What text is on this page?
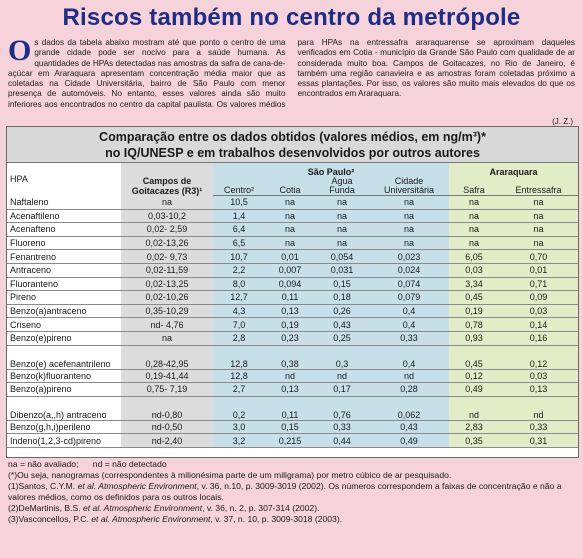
Riscos também no centro da metrópole
Os dados da tabela abaixo mostram até que ponto o centro de uma grande cidade pode ser nocivo para a saúde humana. As quantidades de HPAs detectadas nas amostras da safra de cana-de-açúcar em Araraquara apresentam concentração média maior que as coletadas na Cidade Universitária, bairro de São Paulo com menor presença de automóveis. No entanto, esses valores ainda são muito inferiores aos encontrados no centro da capital paulista. Os valores médios para HPAs na entressafra araraquarense se aproximam daqueles verificados em Cotia - município da Grande São Paulo com qualidade de ar considerada muito boa. Campos de Goitacazes, no Rio de Janeiro, é também uma região canavieira e as amostras foram coletadas próximo a essas plantações. Por isso, os valores são muito mais elevados do que os encontrados em Araraquara.
(J. Z.)
Comparação entre os dados obtidos (valores médios, em ng/m³)*
no IQ/UNESP e em trabalhos desenvolvidos por outros autores
HPA	Campos de Goitacazes (R3)¹	São Paulo²				Araraquara	
		Centro²	Cotia	Água Funda	Cidade Universitária	Safra	Entressafra
Naftaleno	na	10,5	na	na	na	na	na
Acenaftileno	0,03-10,2	1,4	na	na	na	na	na
Acenafteno	0,02- 2,59	6,4	na	na	na	na	na
Fluoreno	0,02-13,26	6,5	na	na	na	na	na
Fenantreno	0,02- 9,73	10,7	0,01	0,054	0,023	6,05	0,70
Antraceno	0,02-11,59	2,2	0,007	0,031	0,024	0,03	0,01
Fluoranteno	0,02-13,25	8,0	0,094	0,15	0,074	3,34	0,71
Pireno	0,02-10,26	12,7	0,11	0,18	0,079	0,45	0,09
Benzo(a)antraceno	0,35-10,29	4,3	0,13	0,26	0,4	0,19	0,03
Criseno	nd- 4,76	7,0	0,19	0,43	0,4	0,78	0,14
Benzo(e)pireno	na	2,8	0,23	0,25	0,33	0,93	0,16
Benzo(e) acefenantrileno	0,28-42,95	12,8	0,38	0,3	0,4	0,45	0,12
Benzo(k)fluoranteno	0,19-41,44	12,8	nd	nd	nd	0,12	0,03
Benzo(a)pireno	0,75- 7,19	2,7	0,13	0,17	0,28	0,49	0,13
Dibenzo(a,,h) antraceno	nd-0,80	0,2	0,11	0,76	0,062	nd	nd
Benzo(g,h,i)perileno	nd-0,50	3,0	0,15	0,33	0,43	2,83	0,33
Indeno(1,2,3-cd)pireno	nd-2,40	3,2	0,215	0,44	0,49	0,35	0,31

na = não avaliado;      nd = não detectado

(*)Ou seja, nanogramas (correspondentes à milionésima parte de um miligrama) por metro cúbico de ar pesquisado.

(1)Santos, C.Y.M. et al. Atmospheric Environment, v. 36, n.10, p. 3009-3019 (2002). Os números correspondem a faixas de concentração e não a valores médios, como os definidos para os outros locais.

(2)DeMartinis, B.S. et al. Atmospheric Environment, v. 36, n. 2, p. 307-314 (2002).

(3)Vasconcellos, P.C. et al. Atmospheric Environment, v. 37, n. 10, p. 3009-3018 (2003).
